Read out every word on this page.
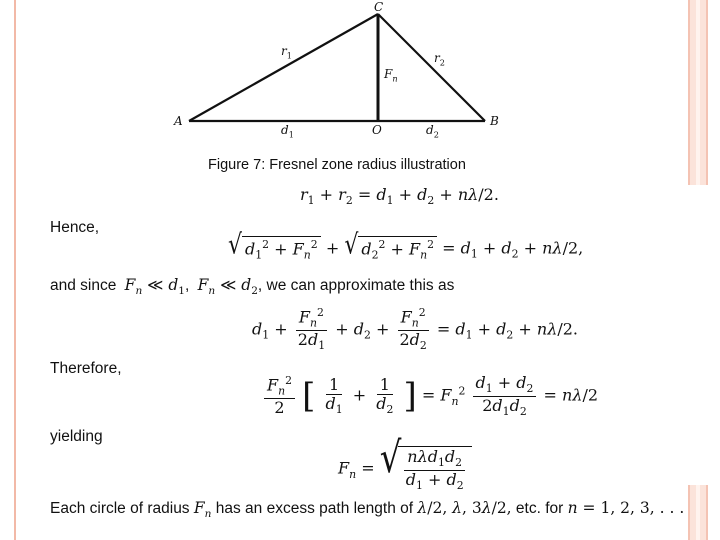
C
A	B
O
$r_1$	$r_2$
$F_n$
$d_1$	$d_2$
Figure 7: Fresnel zone radius illustration
$r_1 + r_2 = d_1 + d_2 + n\lambda/2$.
Hence,
√ $d_1^2 + F_n^2$ + √ $d_2^2 + F_n^2 = d_1 + d_2 + n\lambda/2$,
and since $F_n$ ≪ $d_1$, $F_n$ ≪ $d_2$, we can approximate this as
$d_1 + \frac{F_n^2}{2d_1} + d_2 + \frac{F_n^2}{2d_2} = d_1 + d_2 + n\lambda/2$.
Therefore,
$\frac{F_n^2}{2}$ [ $\frac{1}{d_1} + \frac{1}{d_2}$ ] = $F_n^2 \frac{d_1 + d_2}{2d_1d_2} = n\lambda/2$
yielding
$F_n$ = √ $\frac{n\lambda d_1d_2}{d_1 + d_2}$
Each circle of radius $F_n$ has an excess path length of λ/2, λ, 3λ/2, etc. for n = 1, 2, 3, . . .
